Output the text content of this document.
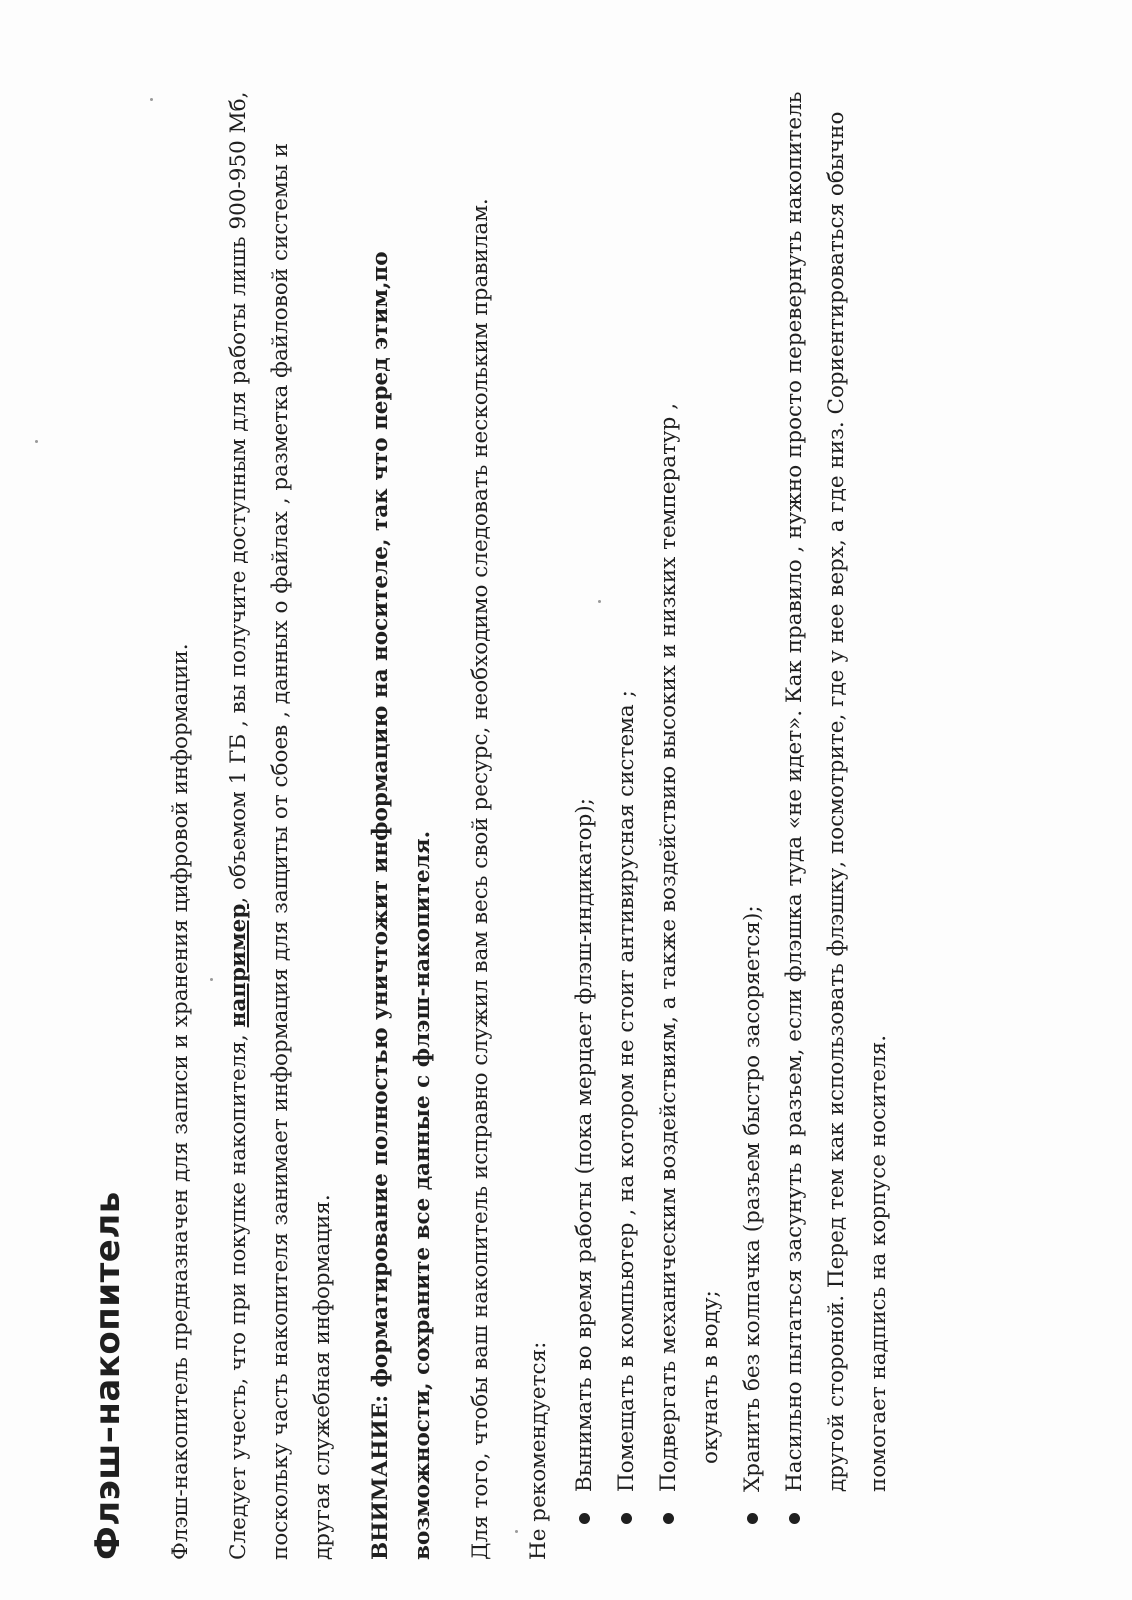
Флэш–накопитель	Флэш-накопитель предназначен для записи и хранения цифровой информации.	Следует учесть, что при покупке накопителя, например, объемом 1 ГБ , вы получите доступным для работы лишь 900-950 Мб, поскольку часть накопителя занимает информация для защиты от сбоев , данных о файлах , разметка файловой системы и другая служебная информация.	ВНИМАНИЕ: форматирование полностью уничтожит информацию на носителе, так что перед этим,по возможности, сохраните все данные с флэш-накопителя.	Для того, чтобы ваш накопитель исправно служил вам весь свой ресурс, необходимо следовать нескольким правилам.	Не рекомендуется: Вынимать во время работы (пока мерцает флэш-индикатор); Помещать в компьютер , на котором не стоит антивирусная система ; Подвергать механическим воздействиям, а также воздействию высоких и низких температур , окунать в воду; Хранить без колпачка (разъем быстро засоряется); Насильно пытаться засунуть в разъем, если флэшка туда «не идет». Как правило , нужно просто перевернуть накопитель другой стороной. Перед тем как использовать флэшку, посмотрите, где у нее верх, а где низ. Сориентироваться обычно помогает надпись на корпусе носителя.
